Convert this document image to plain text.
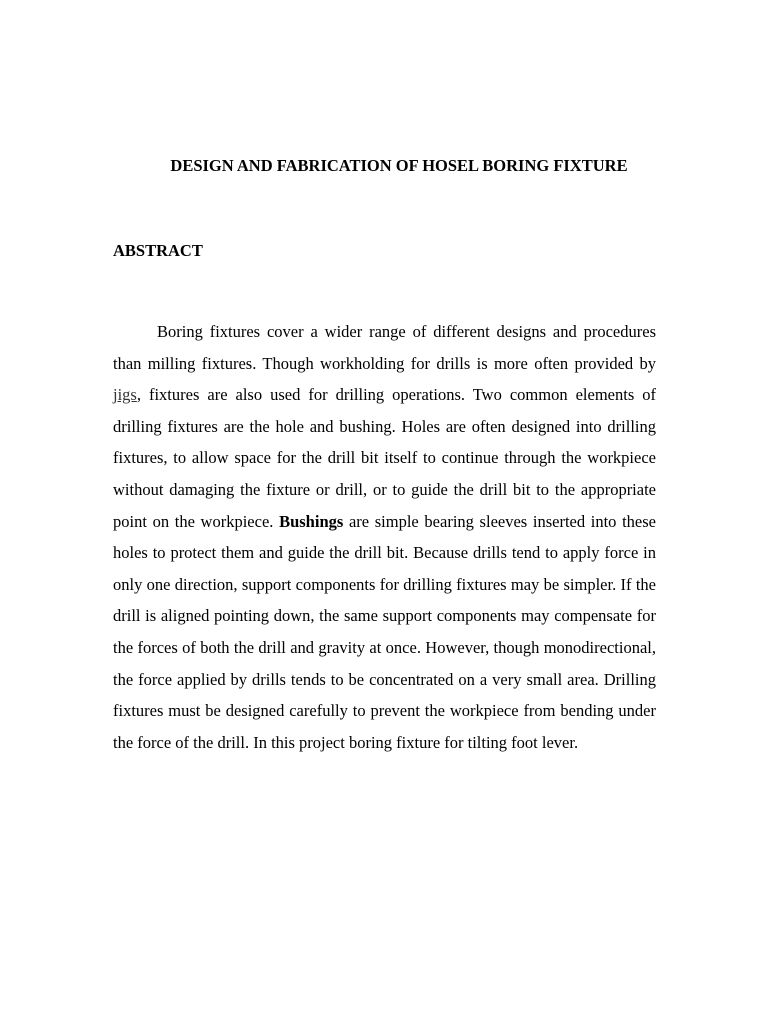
DESIGN AND FABRICATION OF HOSEL BORING FIXTURE
ABSTRACT

Boring fixtures cover a wider range of different designs and procedures than milling fixtures. Though workholding for drills is more often provided by jigs, fixtures are also used for drilling operations. Two common elements of drilling fixtures are the hole and bushing. Holes are often designed into drilling fixtures, to allow space for the drill bit itself to continue through the workpiece without damaging the fixture or drill, or to guide the drill bit to the appropriate point on the workpiece. Bushings are simple bearing sleeves inserted into these holes to protect them and guide the drill bit. Because drills tend to apply force in only one direction, support components for drilling fixtures may be simpler. If the drill is aligned pointing down, the same support components may compensate for the forces of both the drill and gravity at once. However, though monodirectional, the force applied by drills tends to be concentrated on a very small area. Drilling fixtures must be designed carefully to prevent the workpiece from bending under the force of the drill. In this project boring fixture for tilting foot lever.
